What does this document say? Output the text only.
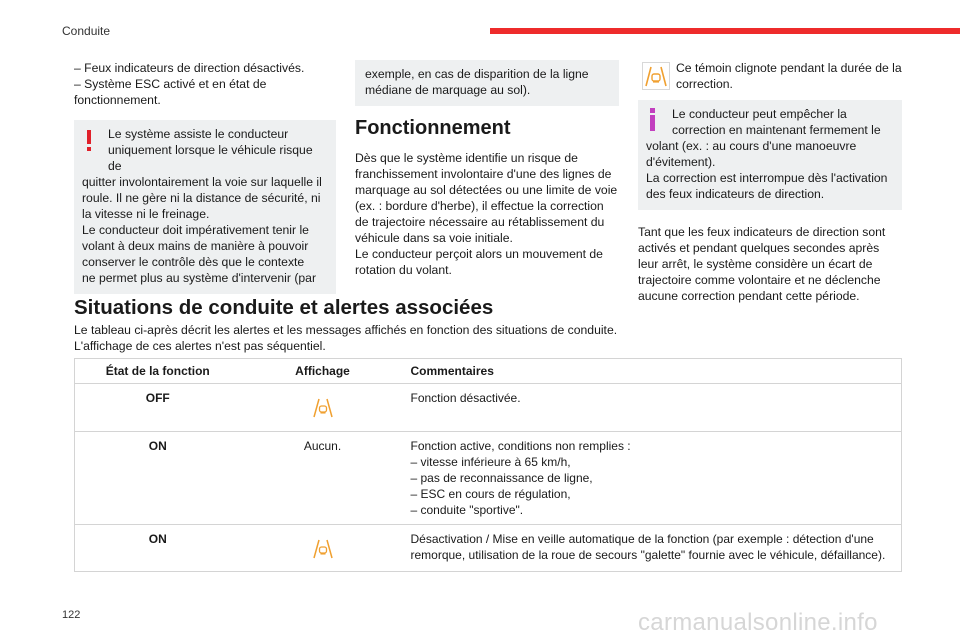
Conduite
– Feux indicateurs de direction désactivés.
– Système ESC activé et en état de
fonctionnement.
Le système assiste le conducteur
uniquement lorsque le véhicule risque de
quitter involontairement la voie sur laquelle il
roule. Il ne gère ni la distance de sécurité, ni
la vitesse ni le freinage.
Le conducteur doit impérativement tenir le
volant à deux mains de manière à pouvoir
conserver le contrôle dès que le contexte
ne permet plus au système d'intervenir (par
exemple, en cas de disparition de la ligne
médiane de marquage au sol).
Fonctionnement
Dès que le système identifie un risque de
franchissement involontaire d'une des lignes de
marquage au sol détectées ou une limite de voie
(ex. : bordure d'herbe), il effectue la correction
de trajectoire nécessaire au rétablissement du
véhicule dans sa voie initiale.
Le conducteur perçoit alors un mouvement de
rotation du volant.
Ce témoin clignote pendant la durée de la
correction.
Le conducteur peut empêcher la
correction en maintenant fermement le
volant (ex. : au cours d'une manoeuvre
d'évitement).
La correction est interrompue dès l'activation
des feux indicateurs de direction.
Tant que les feux indicateurs de direction sont
activés et pendant quelques secondes après
leur arrêt, le système considère un écart de
trajectoire comme volontaire et ne déclenche
aucune correction pendant cette période.
Situations de conduite et alertes associées
Le tableau ci-après décrit les alertes et les messages affichés en fonction des situations de conduite.
L'affichage de ces alertes n'est pas séquentiel.
État de la fonction	Affichage	Commentaires
OFF		Fonction désactivée.

ON	Aucun.	Fonction active, conditions non remplies :
– vitesse inférieure à 65 km/h,
– pas de reconnaissance de ligne,
– ESC en cours de régulation,
– conduite "sportive".

ON		Désactivation / Mise en veille automatique de la fonction (par exemple : détection d'une
remorque, utilisation de la roue de secours "galette" fournie avec le véhicule, défaillance).
122	carmanualsonline.info
